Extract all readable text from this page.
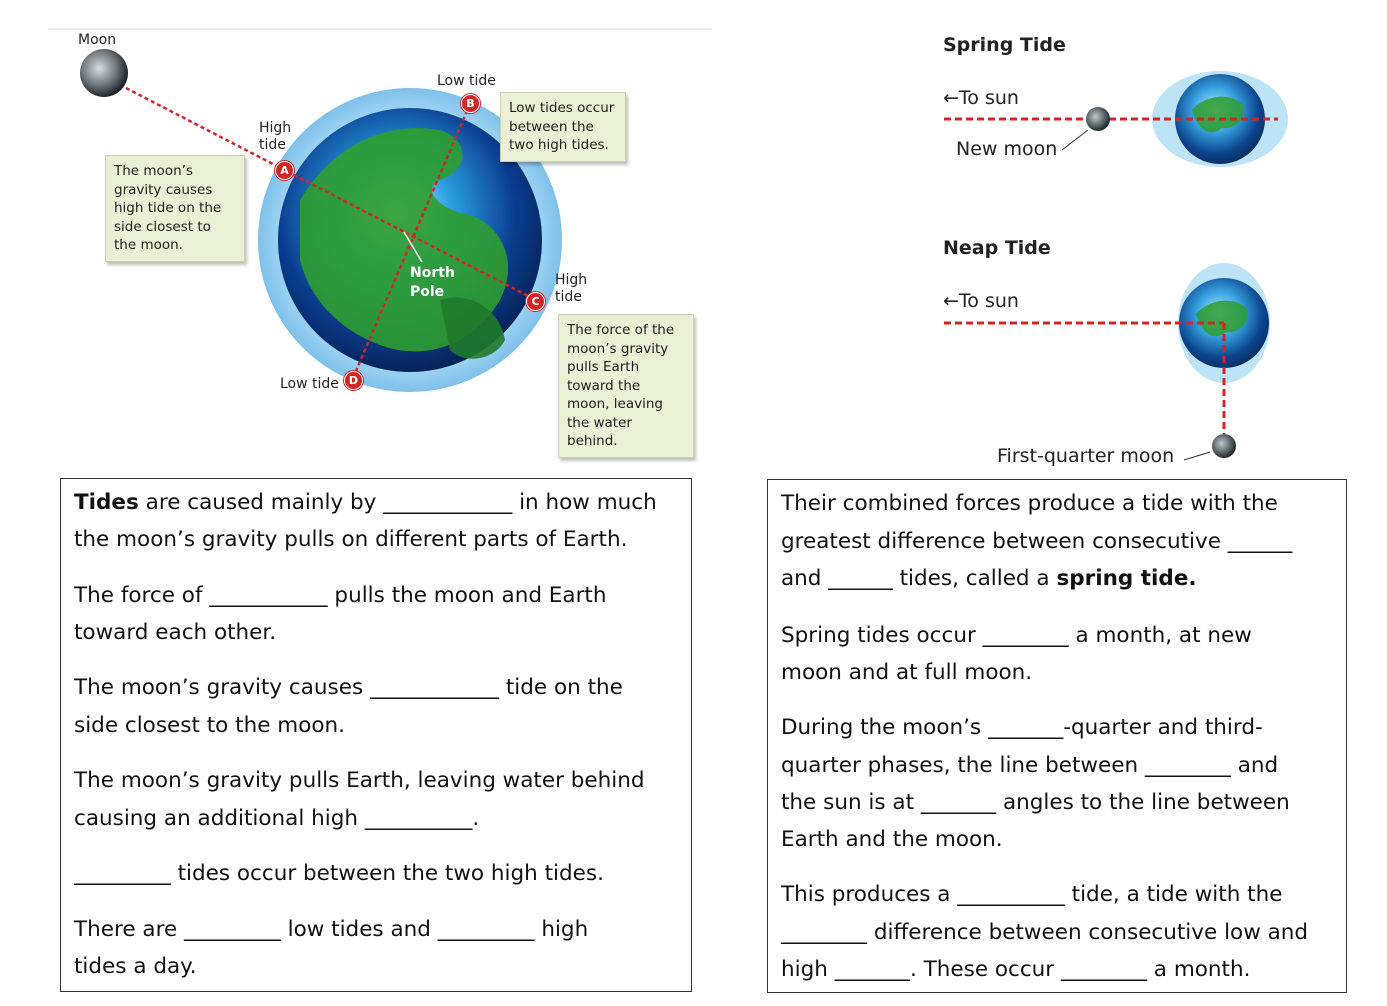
Moon
High tide
Low tide
High tide
Low tide
North Pole
A
B
C
D
The moon’s gravity causes high tide on the side closest to the moon.
Low tides occur between the two high tides.
The force of the moon’s gravity pulls Earth toward the moon, leaving the water behind.
Spring Tide
←To sun
New moon
Neap Tide
←To sun
First-quarter moon
Tides are caused mainly by ____________ in how much
the moon’s gravity pulls on different parts of Earth.
The force of ___________ pulls the moon and Earth
toward each other.
The moon’s gravity causes ____________ tide on the
side closest to the moon.
The moon’s gravity pulls Earth, leaving water behind
causing an additional high __________.
_________ tides occur between the two high tides.
There are _________ low tides and _________ high
tides a day.
Their combined forces produce a tide with the
greatest difference between consecutive ______
and ______ tides, called a spring tide.
Spring tides occur ________ a month, at new
moon and at full moon.
During the moon’s _______-quarter and third-
quarter phases, the line between ________ and
the sun is at _______ angles to the line between
Earth and the moon.
This produces a __________ tide, a tide with the
________ difference between consecutive low and
high _______. These occur ________ a month.
